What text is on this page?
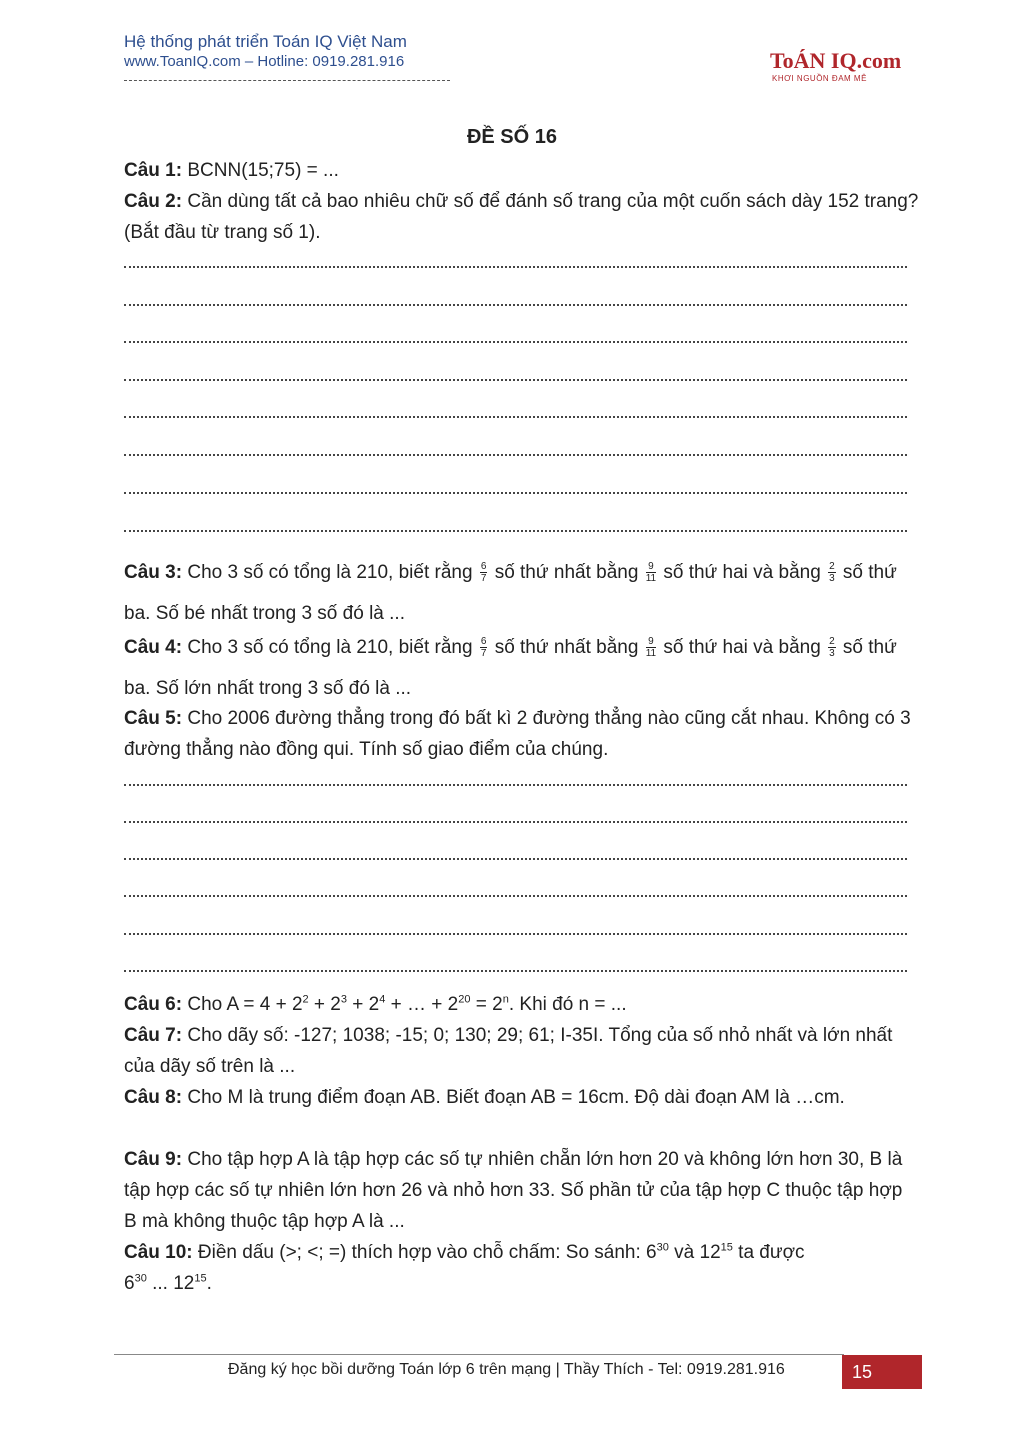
Hệ thống phát triển Toán IQ Việt Nam
www.ToanIQ.com – Hotline: 0919.281.916	ToÁN IQ.com
KHƠI NGUỒN ĐAM MÊ
ĐỀ SỐ 16
Câu 1: BCNN(15;75) = ...
Câu 2: Cần dùng tất cả bao nhiêu chữ số để đánh số trang của một cuốn sách dày 152 trang? (Bắt đầu từ trang số 1).
Câu 3: Cho 3 số có tổng là 210, biết rằng $\frac{6}{7}$ số thứ nhất bằng $\frac{9}{11}$ số thứ hai và bằng $\frac{2}{3}$ số thứ ba. Số bé nhất trong 3 số đó là ...
Câu 4: Cho 3 số có tổng là 210, biết rằng $\frac{6}{7}$ số thứ nhất bằng $\frac{9}{11}$ số thứ hai và bằng $\frac{2}{3}$ số thứ ba. Số lớn nhất trong 3 số đó là ...
Câu 5: Cho 2006 đường thẳng trong đó bất kì 2 đường thẳng nào cũng cắt nhau. Không có 3 đường thẳng nào đồng qui. Tính số giao điểm của chúng.
Câu 6: Cho $A = 4 + 2^2 + 2^3 + 2^4$ + … + $2^{20} = 2^n$. Khi đó n = ...
Câu 7: Cho dãy số: -127; 1038; -15; 0; 130; 29; 61; I-35I. Tổng của số nhỏ nhất và lớn nhất của dãy số trên là ...
Câu 8: Cho M là trung điểm đoạn AB. Biết đoạn AB = 16cm. Độ dài đoạn AM là …cm.
Câu 9: Cho tập hợp A là tập hợp các số tự nhiên chẵn lớn hơn 20 và không lớn hơn 30, B là tập hợp các số tự nhiên lớn hơn 26 và nhỏ hơn 33. Số phần tử của tập hợp C thuộc tập hợp B mà không thuộc tập hợp A là ...
Câu 10: Điền dấu (>; <; =) thích hợp vào chỗ chấm: So sánh: $6^{30}$ và $12^{15}$ ta được
$6^{30}$ ... $12^{15}$.
Đăng ký học bồi dưỡng Toán lớp 6 trên mạng | Thầy Thích - Tel: 0919.281.916	15
